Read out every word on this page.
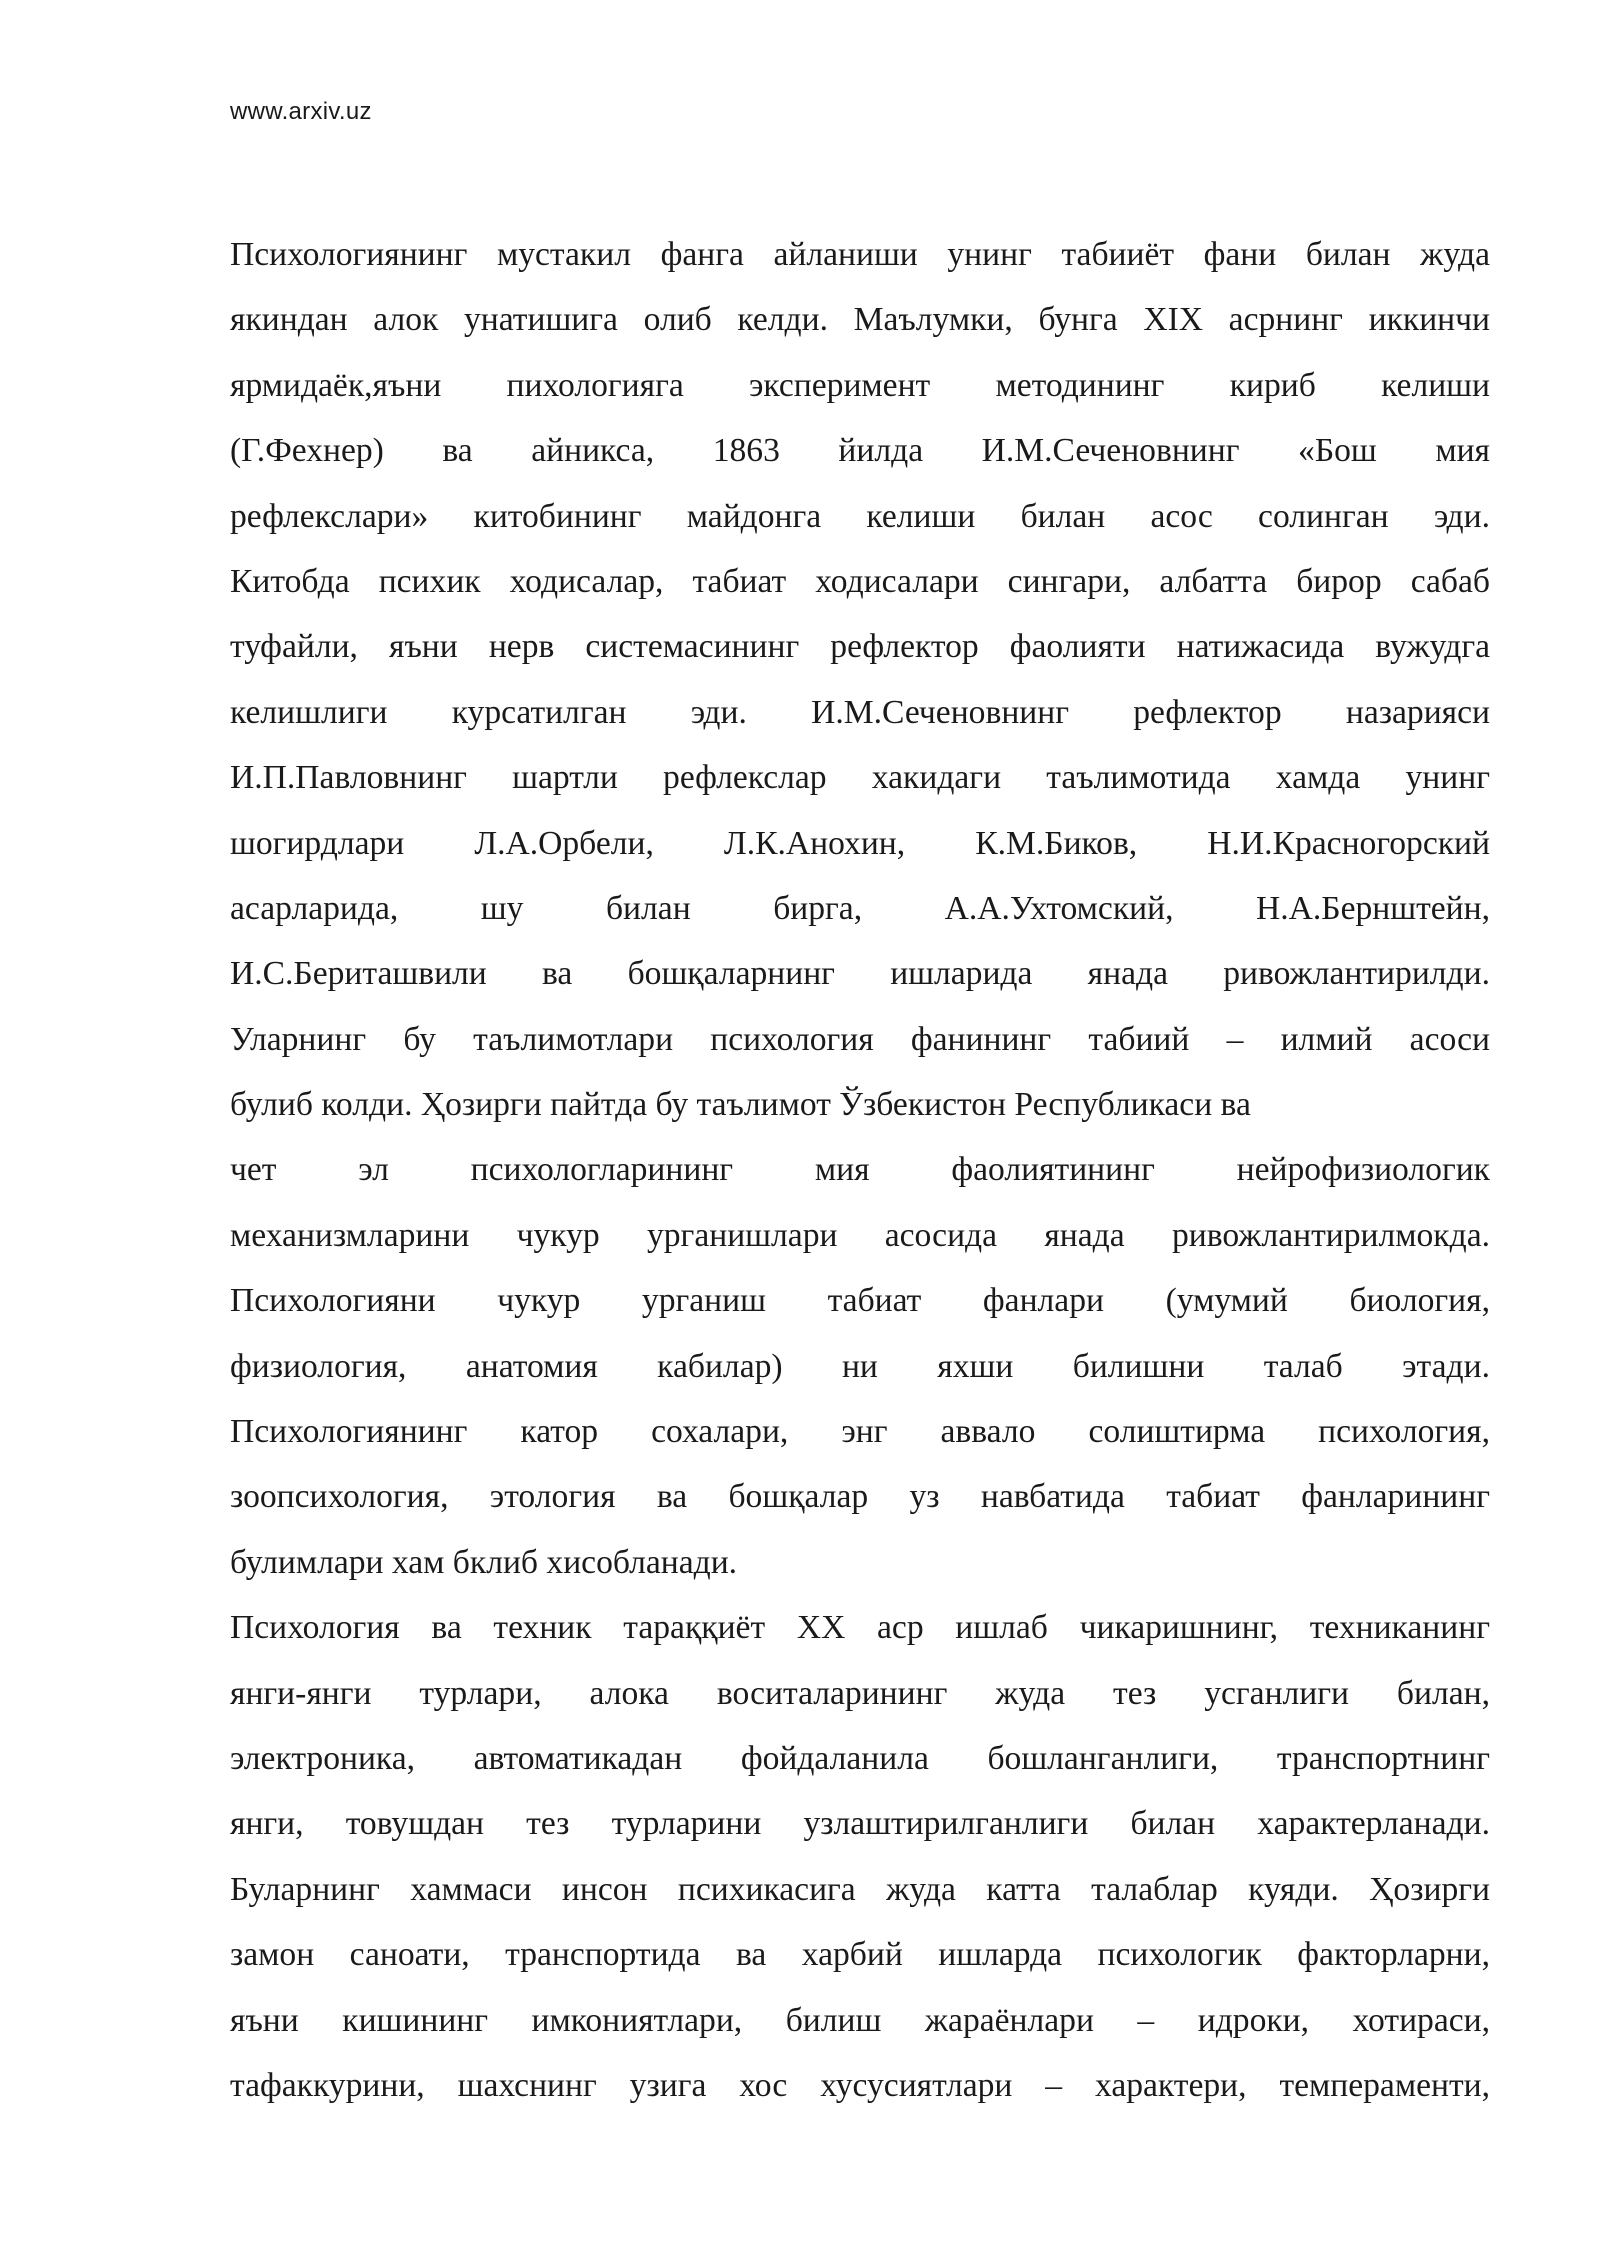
www.arxiv.uz
Психологиянинг мустакил фанга айланиши унинг табииёт фани билан жуда
якиндан алок унатишига олиб келди. Маълумки, бунга XIX асрнинг иккинчи
ярмидаёк,яъни пихологияга эксперимент методининг кириб келиши
(Г.Фехнер) ва айникса, 1863 йилда И.М.Сеченовнинг «Бош мия
рефлекслари» китобининг майдонга келиши билан асос солинган эди.
Китобда психик ходисалар, табиат ходисалари сингари, албатта бирор сабаб
туфайли, яъни нерв системасининг рефлектор фаолияти натижасида вужудга
келишлиги курсатилган эди. И.М.Сеченовнинг рефлектор назарияси
И.П.Павловнинг шартли рефлекслар хакидаги таълимотида хамда унинг
шогирдлари Л.А.Орбели, Л.К.Анохин, К.М.Биков, Н.И.Красногорский
асарларида, шу билан бирга, А.А.Ухтомский, Н.А.Бернштейн,
И.С.Бериташвили ва бошқаларнинг ишларида янада ривожлантирилди.
Уларнинг бу таълимотлари психология фанининг табиий – илмий асоси
булиб колди. Ҳозирги пайтда бу таълимот Ўзбекистон Республикаси ва
чет эл психологларининг мия фаолиятининг нейрофизиологик
механизмларини чукур урганишлари асосида янада ривожлантирилмокда.
Психологияни чукур урганиш табиат фанлари (умумий биология,
физиология, анатомия кабилар) ни яхши билишни талаб этади.
Психологиянинг катор сохалари, энг аввало солиштирма психология,
зоопсихология, этология ва бошқалар уз навбатида табиат фанларининг
булимлари хам бклиб хисобланади.
Психология ва техник тараққиёт XX аср ишлаб чикаришнинг, техниканинг
янги-янги турлари, алока воситаларининг жуда тез усганлиги билан,
электроника, автоматикадан фойдаланила бошланганлиги, транспортнинг
янги, товушдан тез турларини узлаштирилганлиги билан характерланади.
Буларнинг хаммаси инсон психикасига жуда катта талаблар куяди. Ҳозирги
замон саноати, транспортида ва харбий ишларда психологик факторларни,
яъни кишининг имкониятлари, билиш жараёнлари – идроки, хотираси,
тафаккурини, шахснинг узига хос хусусиятлари – характери, темпераменти,
